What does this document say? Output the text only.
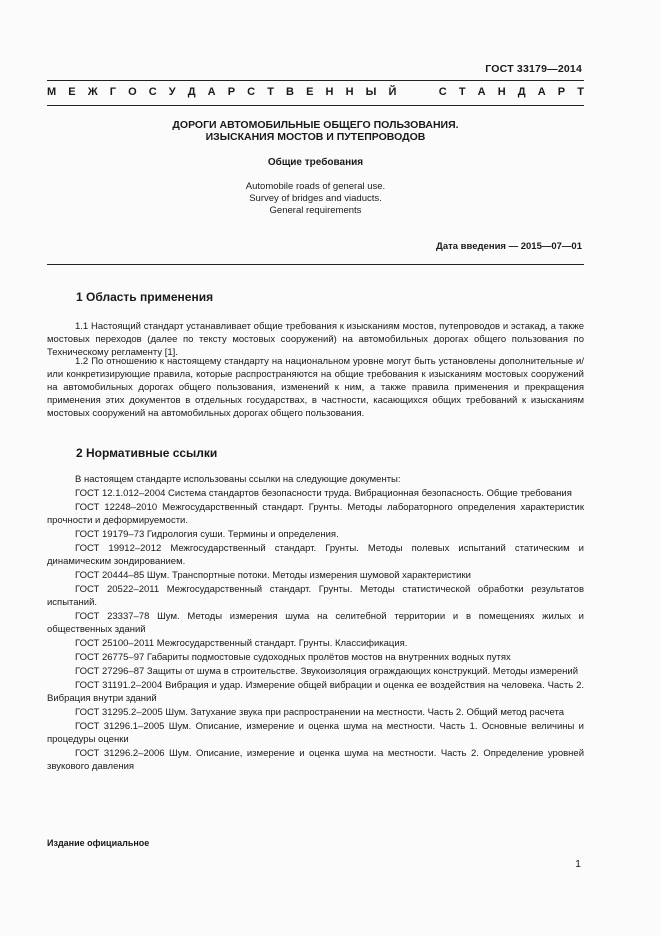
ГОСТ 33179—2014
М Е Ж Г О С У Д А Р С Т В Е Н Н Ы Й

	С Т А Н Д А Р Т
ДОРОГИ АВТОМОБИЛЬНЫЕ ОБЩЕГО ПОЛЬЗОВАНИЯ.
ИЗЫСКАНИЯ МОСТОВ И ПУТЕПРОВОДОВ
Общие требования
Automobile roads of general use.
Survey of bridges and viaducts.
General requirements
Дата введения — 2015—07—01
1 Область применения
1.1 Настоящий стандарт устанавливает общие требования к изысканиям мостов, путепроводов и эстакад, а также мостовых переходов (далее по тексту мостовых сооружений) на автомобильных дорогах общего пользования по Техническому регламенту [1].
1.2 По отношению к настоящему стандарту на национальном уровне могут быть установлены дополнительные и/или конкретизирующие правила, которые распространяются на общие требования к изысканиям мостовых сооружений на автомобильных дорогах общего пользования, изменений к ним, а также правила применения и прекращения применения этих документов в отдельных государствах, в частности, касающихся общих требований к изысканиям мостовых сооружений на автомобильных дорогах общего пользования.
2 Нормативные ссылки
В настоящем стандарте использованы ссылки на следующие документы:
ГОСТ 12.1.012–2004 Система стандартов безопасности труда. Вибрационная безопасность. Общие требования
ГОСТ 12248–2010 Межгосударственный стандарт. Грунты. Методы лабораторного определения характеристик прочности и деформируемости.
ГОСТ 19179–73 Гидрология суши. Термины и определения.
ГОСТ 19912–2012 Межгосударственный стандарт. Грунты. Методы полевых испытаний статическим и динамическим зондированием.
ГОСТ 20444–85 Шум. Транспортные потоки. Методы измерения шумовой характеристики
ГОСТ 20522–2011 Межгосударственный стандарт. Грунты. Методы статистической обработки результатов испытаний.
ГОСТ 23337–78 Шум. Методы измерения шума на селитебной территории и в помещениях жилых и общественных зданий
ГОСТ 25100–2011 Межгосударственный стандарт. Грунты. Классификация.
ГОСТ 26775–97 Габариты подмостовые судоходных пролётов мостов на внутренних водных путях
ГОСТ 27296–87 Защиты от шума в строительстве. Звукоизоляция ограждающих конструкций. Методы измерений
ГОСТ 31191.2–2004 Вибрация и удар. Измерение общей вибрации и оценка ее воздействия на человека. Часть 2. Вибрация внутри зданий
ГОСТ 31295.2–2005 Шум. Затухание звука при распространении на местности. Часть 2. Общий метод расчета
ГОСТ 31296.1–2005 Шум. Описание, измерение и оценка шума на местности. Часть 1. Основные величины и процедуры оценки
ГОСТ 31296.2–2006 Шум. Описание, измерение и оценка шума на местности. Часть 2. Определение уровней звукового давления
Издание официальное
1
